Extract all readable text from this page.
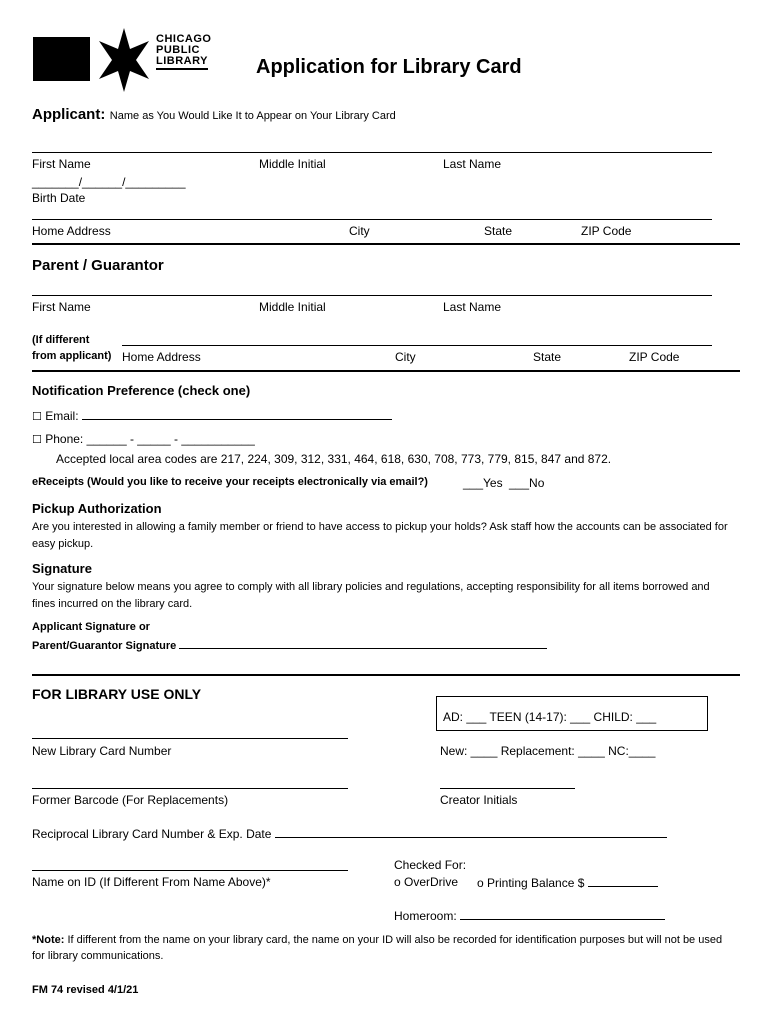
CHICAGO
PUBLIC
LIBRARY Application for Library Card
Applicant: Name as You Would Like It to Appear on Your Library Card
First Name	Middle Initial	Last Name
_______/______/_________
Birth Date
Home Address	City	State	ZIP Code
Parent / Guarantor
First Name	Middle Initial	Last Name
(If different
from applicant) Home Address	City	State	ZIP Code
Notification Preference (check one)
☐ Email:
☐ Phone: ______ - _____ - ___________
Accepted local area codes are 217, 224, 309, 312, 331, 464, 618, 630, 708, 773, 779, 815, 847 and 872.
eReceipts (Would you like to receive your receipts electronically via email?)	___Yes ___No
Pickup Authorization
Are you interested in allowing a family member or friend to have access to pickup your holds? Ask staff how the accounts can be associated for easy pickup.
Signature
Your signature below means you agree to comply with all library policies and regulations, accepting responsibility for all items borrowed and fines incurred on the library card.
Applicant Signature or
Parent/Guarantor Signature
FOR LIBRARY USE ONLY
AD: ___ TEEN (14-17): ___ CHILD: ___
New Library Card Number	New: ____ Replacement: ____ NC:____
Former Barcode (For Replacements)	Creator Initials
Reciprocal Library Card Number & Exp. Date
Checked For:
Name on ID (If Different From Name Above)*	o OverDrive o Printing Balance $
Homeroom:
*Note: If different from the name on your library card, the name on your ID will also be recorded for identification purposes but will not be used for library communications.
FM 74 revised 4/1/21
